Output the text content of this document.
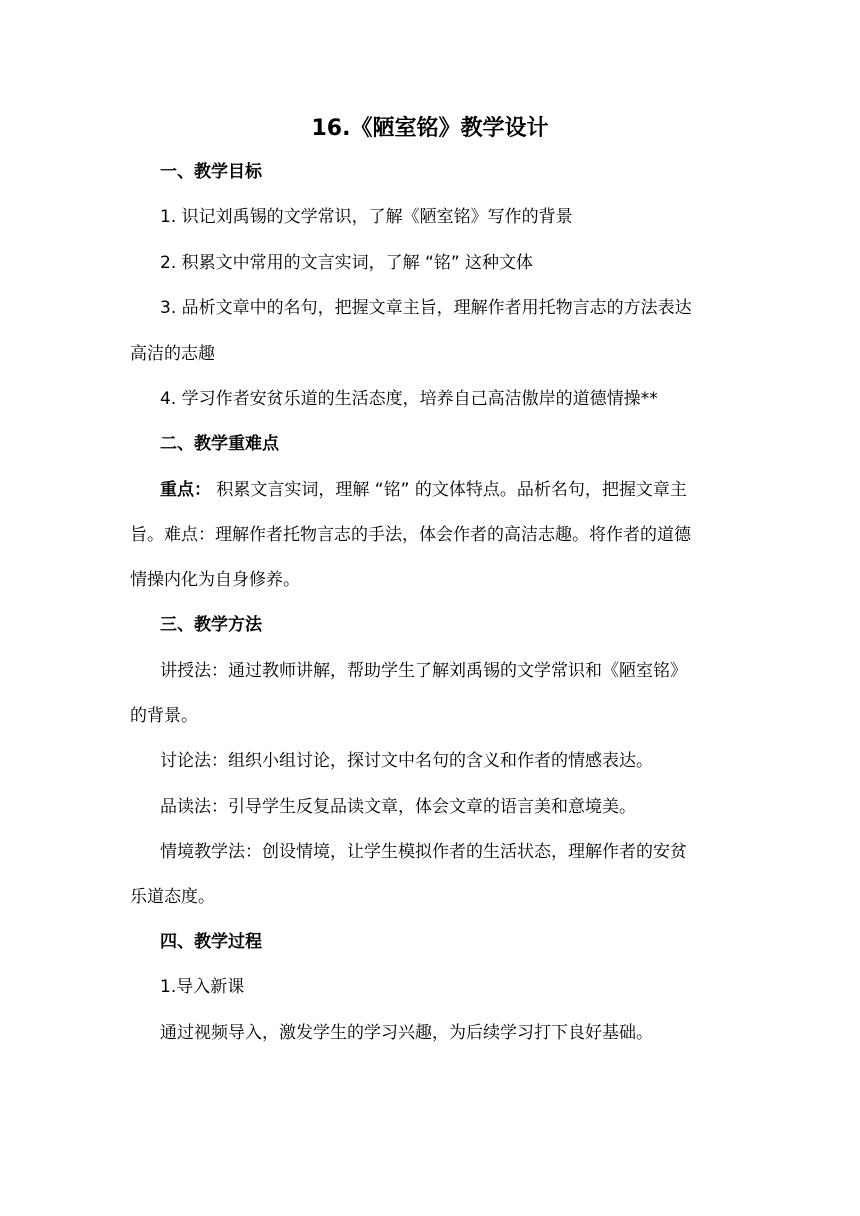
16.《陋室铭》教学设计
一、教学目标
1. 识记刘禹锡的文学常识，了解《陋室铭》写作的背景
2. 积累文中常用的文言实词，了解 “铭” 这种文体
3. 品析文章中的名句，把握文章主旨，理解作者用托物言志的方法表达
高洁的志趣
4. 学习作者安贫乐道的生活态度，培养自己高洁傲岸的道德情操**
二、教学重难点
重点： 积累文言实词，理解 “铭” 的文体特点。品析名句，把握文章主
旨。难点：理解作者托物言志的手法，体会作者的高洁志趣。将作者的道德
情操内化为自身修养。
三、教学方法
讲授法：通过教师讲解，帮助学生了解刘禹锡的文学常识和《陋室铭》
的背景。
讨论法：组织小组讨论，探讨文中名句的含义和作者的情感表达。
品读法：引导学生反复品读文章，体会文章的语言美和意境美。
情境教学法：创设情境，让学生模拟作者的生活状态，理解作者的安贫
乐道态度。
四、教学过程
1.导入新课
通过视频导入，激发学生的学习兴趣，为后续学习打下良好基础。
